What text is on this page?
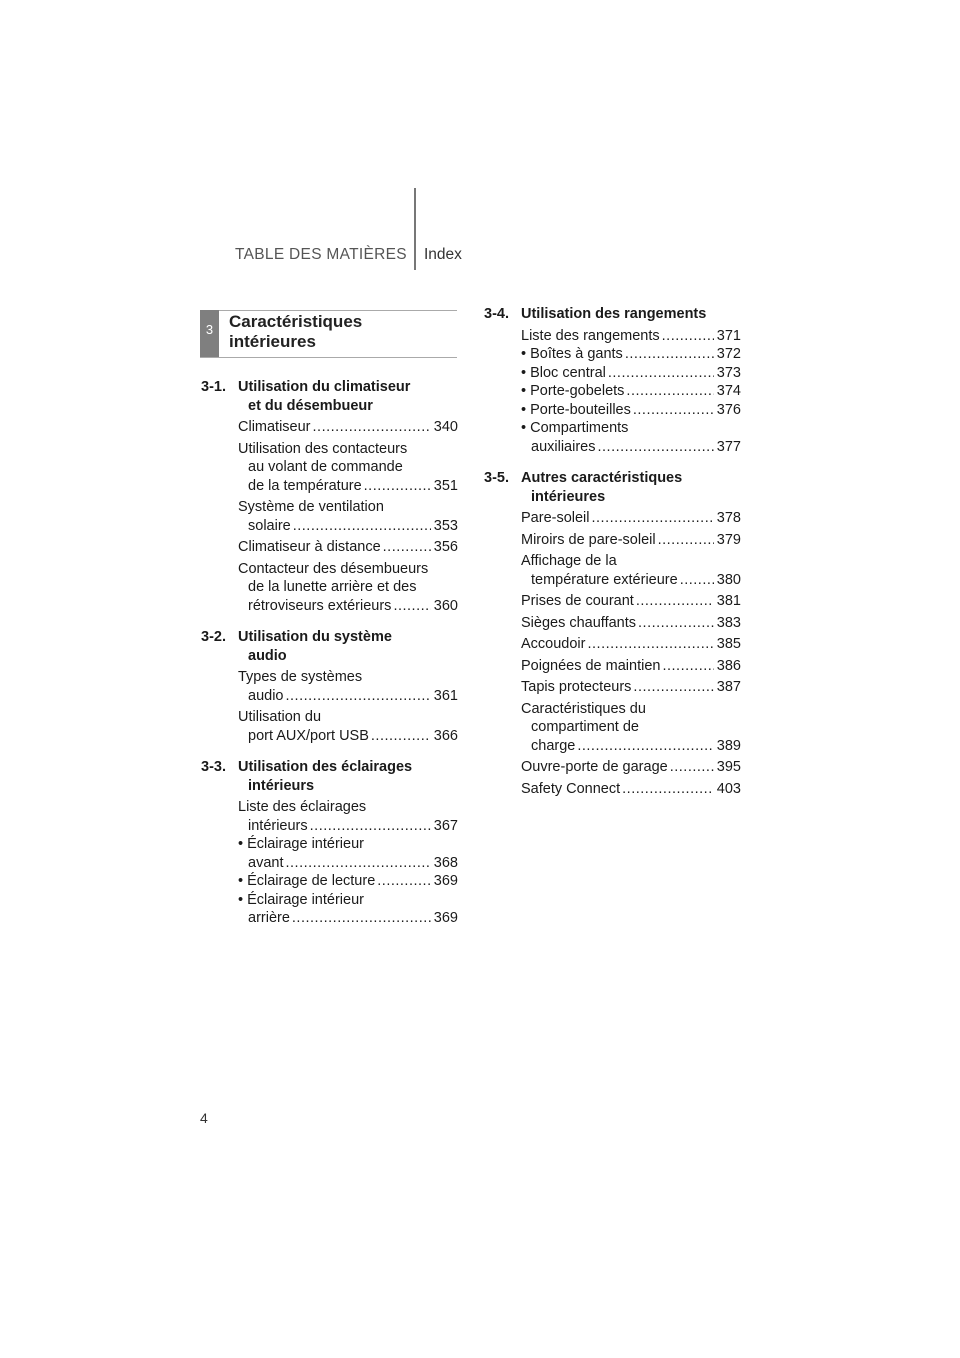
TABLE DES MATIÈRES Index
3 Caractéristiques
intérieures
3-1. Utilisation du climatiseur
et du désembueur
Climatiseur .....	340
Utilisation des contacteurs
au volant de commande
de la température .....	351
Système de ventilation
solaire .....	353
Climatiseur à distance .....	356
Contacteur des désembueurs
de la lunette arrière et des
rétroviseurs extérieurs .....	360
3-2. Utilisation du système
audio
Types de systèmes
audio .....	361
Utilisation du
port AUX/port USB .....	366
3-3. Utilisation des éclairages
intérieurs
Liste des éclairages
intérieurs .....	367
• Éclairage intérieur
avant .....	368
• Éclairage de lecture .....	369
• Éclairage intérieur
arrière .....	369
3-4. Utilisation des rangements
Liste des rangements .....	371
• Boîtes à gants .....	372
• Bloc central .....	373
• Porte-gobelets .....	374
• Porte-bouteilles .....	376
• Compartiments
auxiliaires .....	377
3-5. Autres caractéristiques
intérieures
Pare-soleil .....	378
Miroirs de pare-soleil .....	379
Affichage de la
température extérieure .....	380
Prises de courant .....	381
Sièges chauffants .....	383
Accoudoir .....	385
Poignées de maintien .....	386
Tapis protecteurs .....	387
Caractéristiques du
compartiment de
charge .....	389
Ouvre-porte de garage .....	395
Safety Connect .....	403
4
